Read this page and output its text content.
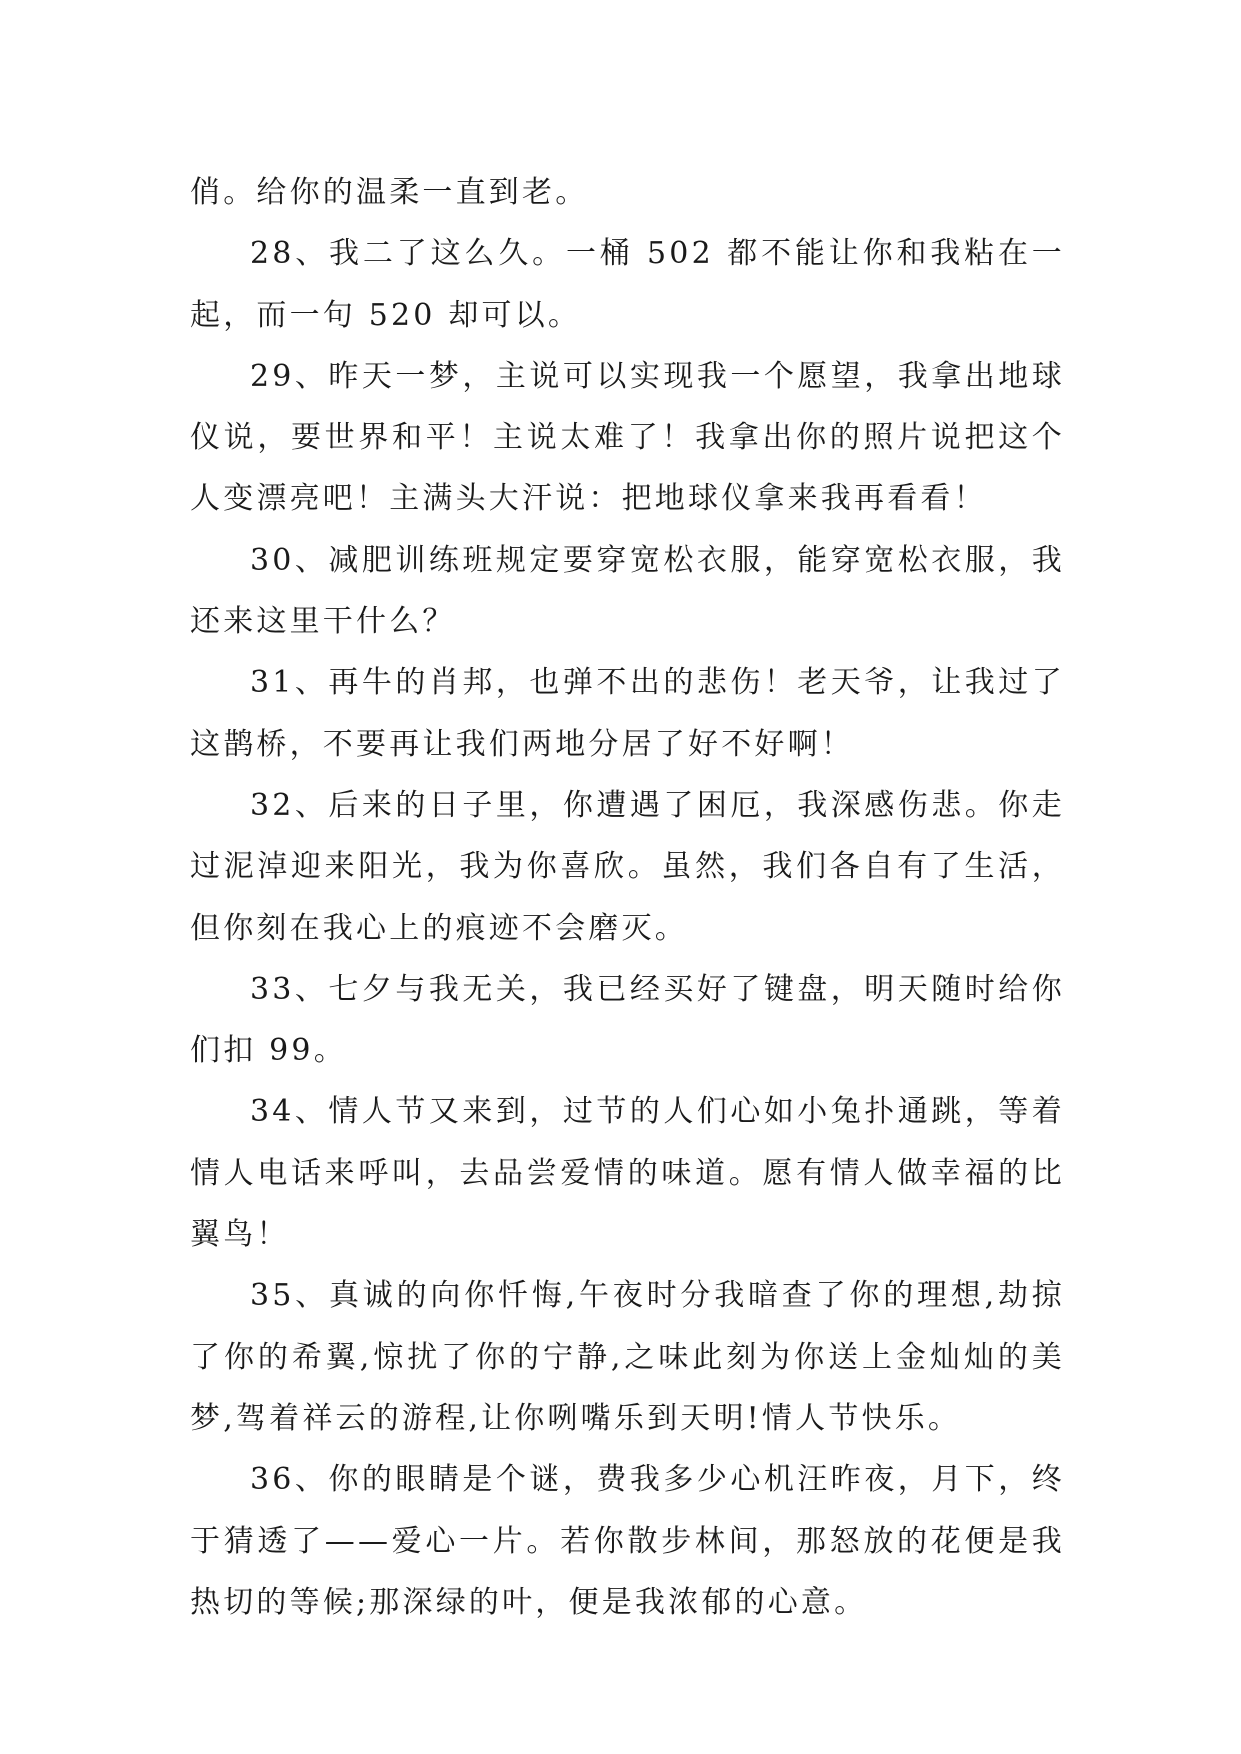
俏。给你的温柔一直到老。

28、我二了这么久。一桶 502 都不能让你和我粘在一起，而一句 520 却可以。

29、昨天一梦，主说可以实现我一个愿望，我拿出地球仪说，要世界和平！主说太难了！我拿出你的照片说把这个人变漂亮吧！主满头大汗说：把地球仪拿来我再看看！

30、减肥训练班规定要穿宽松衣服，能穿宽松衣服，我还来这里干什么？

31、再牛的肖邦，也弹不出的悲伤！老天爷，让我过了这鹊桥，不要再让我们两地分居了好不好啊！

32、后来的日子里，你遭遇了困厄，我深感伤悲。你走过泥淖迎来阳光，我为你喜欣。虽然，我们各自有了生活，但你刻在我心上的痕迹不会磨灭。

33、七夕与我无关，我已经买好了键盘，明天随时给你们扣 99。

34、情人节又来到，过节的人们心如小兔扑通跳，等着情人电话来呼叫，去品尝爱情的味道。愿有情人做幸福的比翼鸟！

35、真诚的向你忏悔,午夜时分我暗查了你的理想,劫掠了你的希翼,惊扰了你的宁静,之味此刻为你送上金灿灿的美梦,驾着祥云的游程,让你咧嘴乐到天明!情人节快乐。

36、你的眼睛是个谜，费我多少心机汪昨夜，月下，终于猜透了——爱心一片。若你散步林间，那怒放的花便是我热切的等候;那深绿的叶，便是我浓郁的心意。
